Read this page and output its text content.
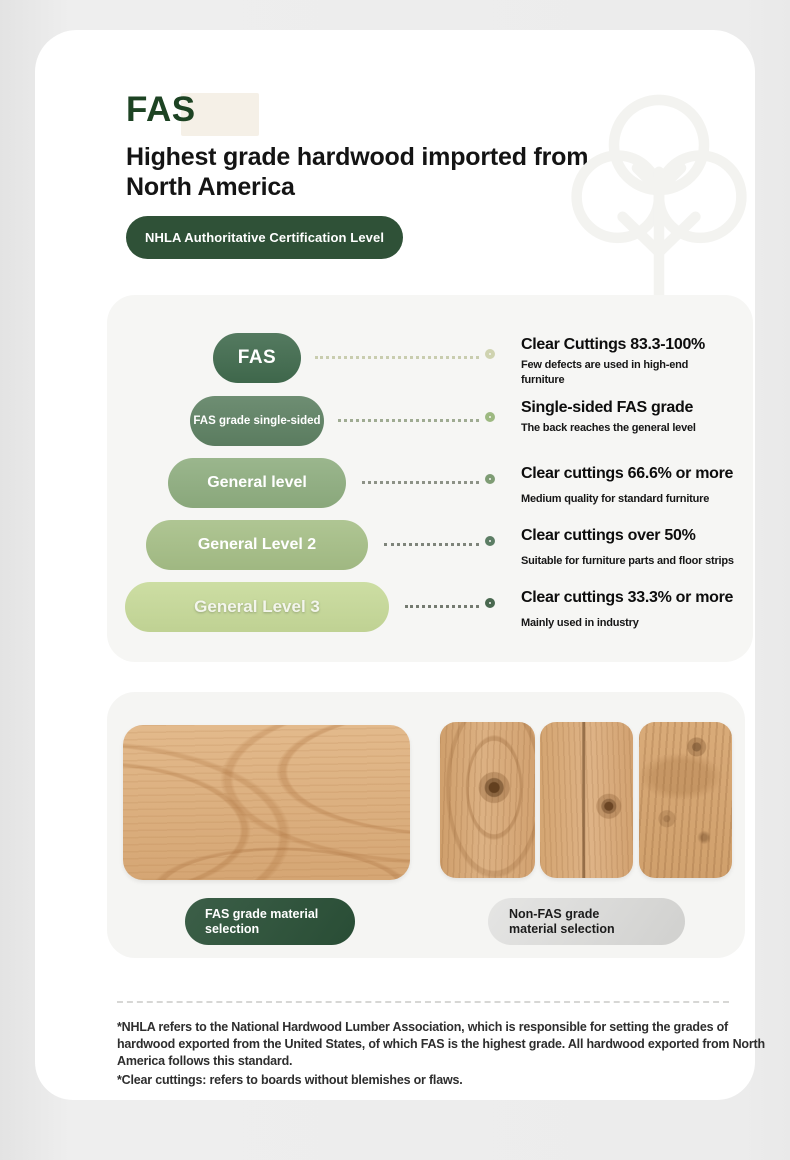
FAS
Highest grade hardwood imported from North America
NHLA Authoritative Certification Level
FAS
Clear Cuttings 83.3-100%
Few defects are used in high-end furniture
FAS grade single-sided
Single-sided FAS grade
The back reaches the general level
General level
Clear cuttings 66.6% or more
Medium quality for standard furniture
General Level 2
Clear cuttings over 50%
Suitable for furniture parts and floor strips
General Level 3	Clear cuttings 33.3% or more
Mainly used in industry
FAS grade material selection
Non-FAS grade material selection
*NHLA refers to the National Hardwood Lumber Association, which is responsible for setting the grades of hardwood exported from the United States, of which FAS is the highest grade. All hardwood exported from North America follows this standard.
*Clear cuttings: refers to boards without blemishes or flaws.
